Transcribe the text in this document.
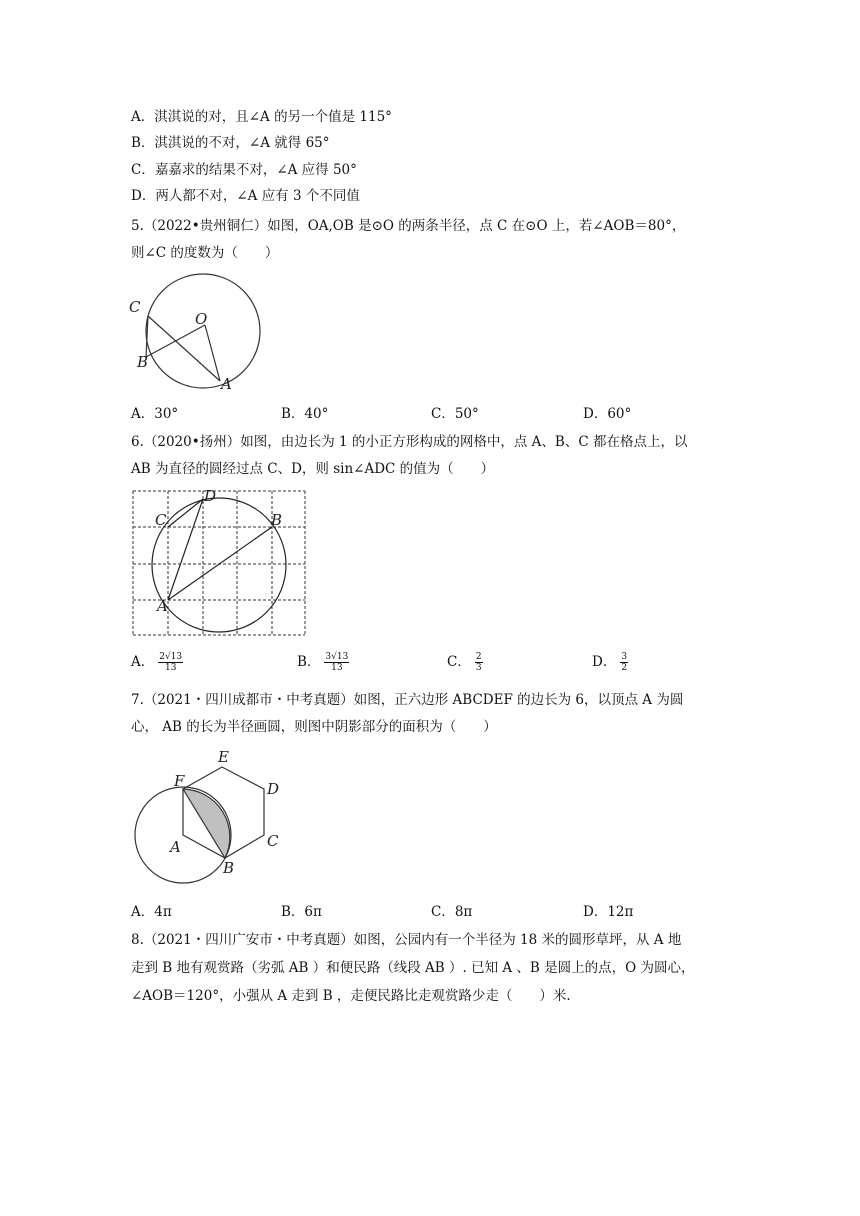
A．淇淇说的对，且∠A 的另一个值是 115°
B．淇淇说的不对，∠A 就得 65°
C．嘉嘉求的结果不对，∠A 应得 50°
D．两人都不对，∠A 应有 3 个不同值
5.（2022•贵州铜仁）如图，OA,OB 是⊙O 的两条半径，点 C 在⊙O 上，若∠AOB＝80°，
则∠C 的度数为（　　）
C
O
B
A
A．30°	B．40°	C．50°	D．60°
6.（2020•扬州）如图，由边长为 1 的小正方形构成的网格中，点 A、B、C 都在格点上，以
AB 为直径的圆经过点 C、D，则 sin∠ADC 的值为（　　）
D
C	B
A
A． $\frac{2√13}{13}$	B． $\frac{3√13}{13}$	C． $\frac{2}{3}$	D． $\frac{3}{2}$
7.（2021・四川成都市・中考真题）如图，正六边形 ABCDEF 的边长为 6，以顶点 A 为圆
心， AB 的长为半径画圆，则图中阴影部分的面积为（　　）
E
F	D
C
A
B
A．4π	B．6π	C．8π	D．12π
8.（2021・四川广安市・中考真题）如图，公园内有一个半径为 18 米的圆形草坪，从 A 地
走到 B 地有观赏路（劣弧 AB ）和便民路（线段 AB ）. 已知 A 、B 是圆上的点，O 为圆心，
∠AOB＝120°，小强从 A 走到 B ，走便民路比走观赏路少走（　　）米.
